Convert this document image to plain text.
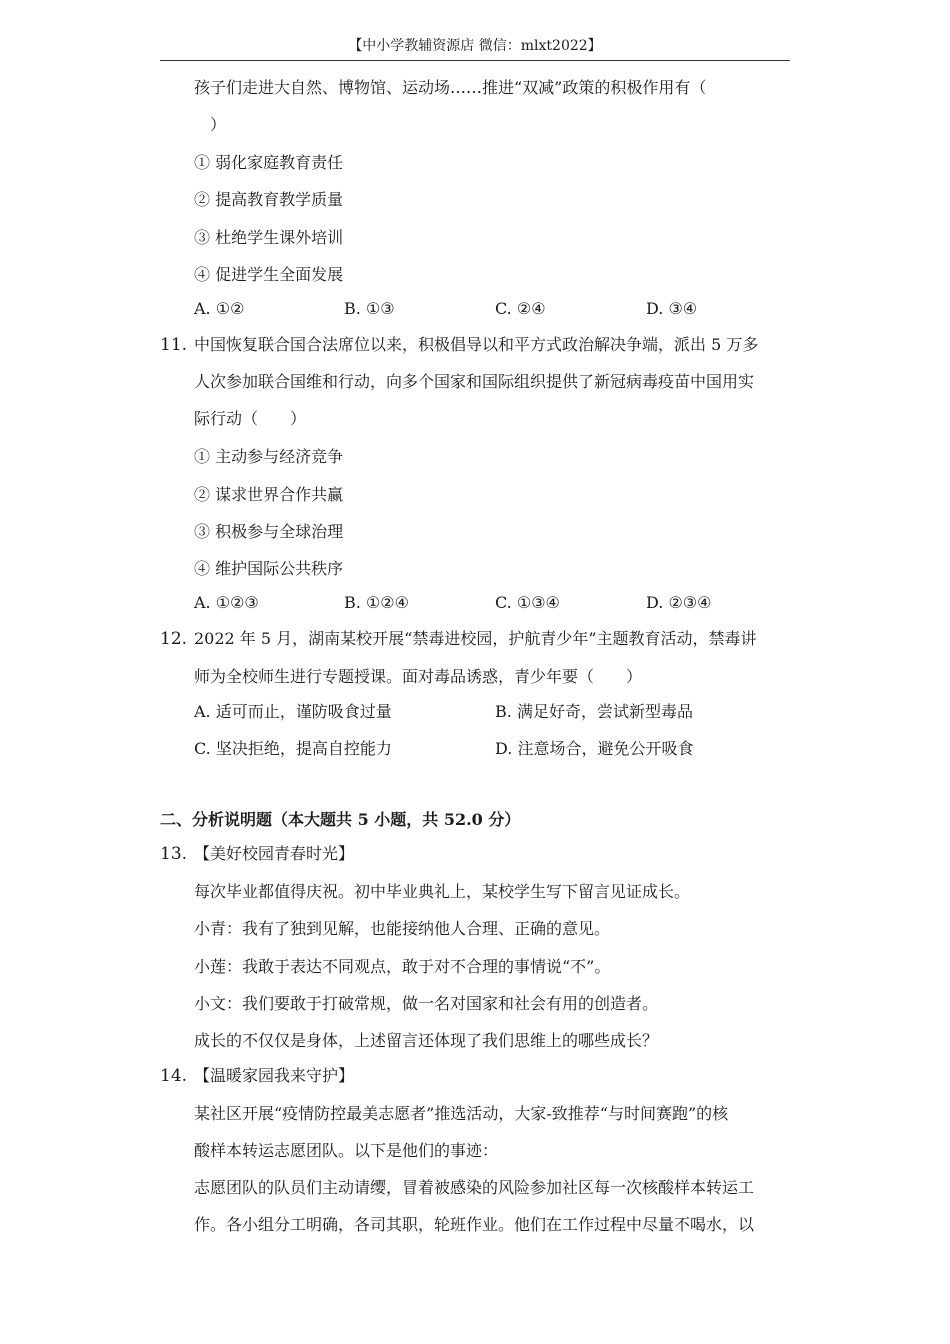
【中小学教辅资源店 微信：mlxt2022】
孩子们走进大自然、博物馆、运动场……推进“双减”政策的积极作用有（
）
① 弱化家庭教育责任
② 提高教育教学质量
③ 杜绝学生课外培训
④ 促进学生全面发展
A. ①②	B. ①③	C. ②④	D. ③④
11. 中国恢复联合国合法席位以来，积极倡导以和平方式政治解决争端，派出 5 万多
人次参加联合国维和行动，向多个国家和国际组织提供了新冠病毒疫苗中国用实
际行动（　　）
① 主动参与经济竞争
② 谋求世界合作共赢
③ 积极参与全球治理
④ 维护国际公共秩序
A. ①②③	B. ①②④	C. ①③④	D. ②③④
12. 2022 年 5 月，湖南某校开展“禁毒进校园，护航青少年”主题教育活动，禁毒讲
师为全校师生进行专题授课。面对毒品诱惑，青少年要（　　）
A. 适可而止，谨防吸食过量	B. 满足好奇，尝试新型毒品
C. 坚决拒绝，提高自控能力	D. 注意场合，避免公开吸食
二、分析说明题（本大题共 5 小题，共 52.0 分）
13. 【美好校园青春时光】
每次毕业都值得庆祝。初中毕业典礼上，某校学生写下留言见证成长。
小青：我有了独到见解，也能接纳他人合理、正确的意见。
小莲：我敢于表达不同观点，敢于对不合理的事情说“不”。
小文：我们要敢于打破常规，做一名对国家和社会有用的创造者。
成长的不仅仅是身体，上述留言还体现了我们思维上的哪些成长？
14. 【温暖家园我来守护】
某社区开展“疫情防控最美志愿者”推选活动，大家-致推荐“与时间赛跑”的核
酸样本转运志愿团队。以下是他们的事迹：
志愿团队的队员们主动请缨，冒着被感染的风险参加社区每一次核酸样本转运工
作。各小组分工明确，各司其职，轮班作业。他们在工作过程中尽量不喝水，以
